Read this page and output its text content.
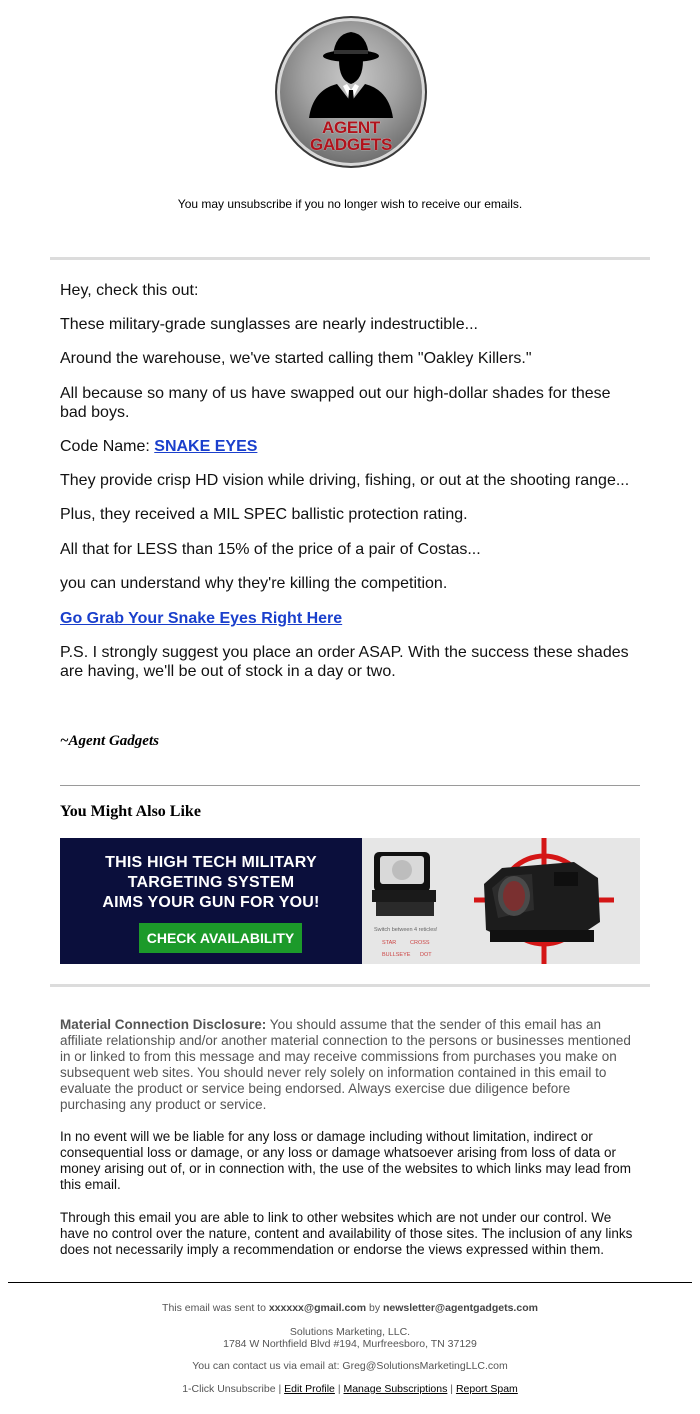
AGENT
GADGETS
You may unsubscribe if you no longer wish to receive our emails.

Hey, check this out:

These military-grade sunglasses are nearly indestructible...

Around the warehouse, we've started calling them "Oakley Killers."

All because so many of us have swapped out our high-dollar shades for these bad boys.

Code Name: SNAKE EYES

They provide crisp HD vision while driving, fishing, or out at the shooting range...

Plus, they received a MIL SPEC ballistic protection rating.

All that for LESS than 15% of the price of a pair of Costas...

you can understand why they're killing the competition.

Go Grab Your Snake Eyes Right Here

P.S. I strongly suggest you place an order ASAP. With the success these shades are having, we'll be out of stock in a day or two.

~Agent Gadgets
You Might Also Like
THIS HIGH TECH MILITARY
TARGETING SYSTEM
AIMS YOUR GUN FOR YOU!
CHECK AVAILABILITY	Switch between 4 reticles!
STAR CROSS
BULLSEYE DOT
Material Connection Disclosure: You should assume that the sender of this email has an affiliate relationship and/or another material connection to the persons or businesses mentioned in or linked to from this message and may receive commissions from purchases you make on subsequent web sites. You should never rely solely on information contained in this email to evaluate the product or service being endorsed. Always exercise due diligence before purchasing any product or service.
In no event will we be liable for any loss or damage including without limitation, indirect or consequential loss or damage, or any loss or damage whatsoever arising from loss of data or money arising out of, or in connection with, the use of the websites to which links may lead from this email.
Through this email you are able to link to other websites which are not under our control. We have no control over the nature, content and availability of those sites. The inclusion of any links does not necessarily imply a recommendation or endorse the views expressed within them.
This email was sent to xxxxxx@gmail.com by newsletter@agentgadgets.com
Solutions Marketing, LLC.
1784 W Northfield Blvd #194, Murfreesboro, TN 37129
You can contact us via email at: Greg@SolutionsMarketingLLC.com
1-Click Unsubscribe | Edit Profile | Manage Subscriptions | Report Spam
